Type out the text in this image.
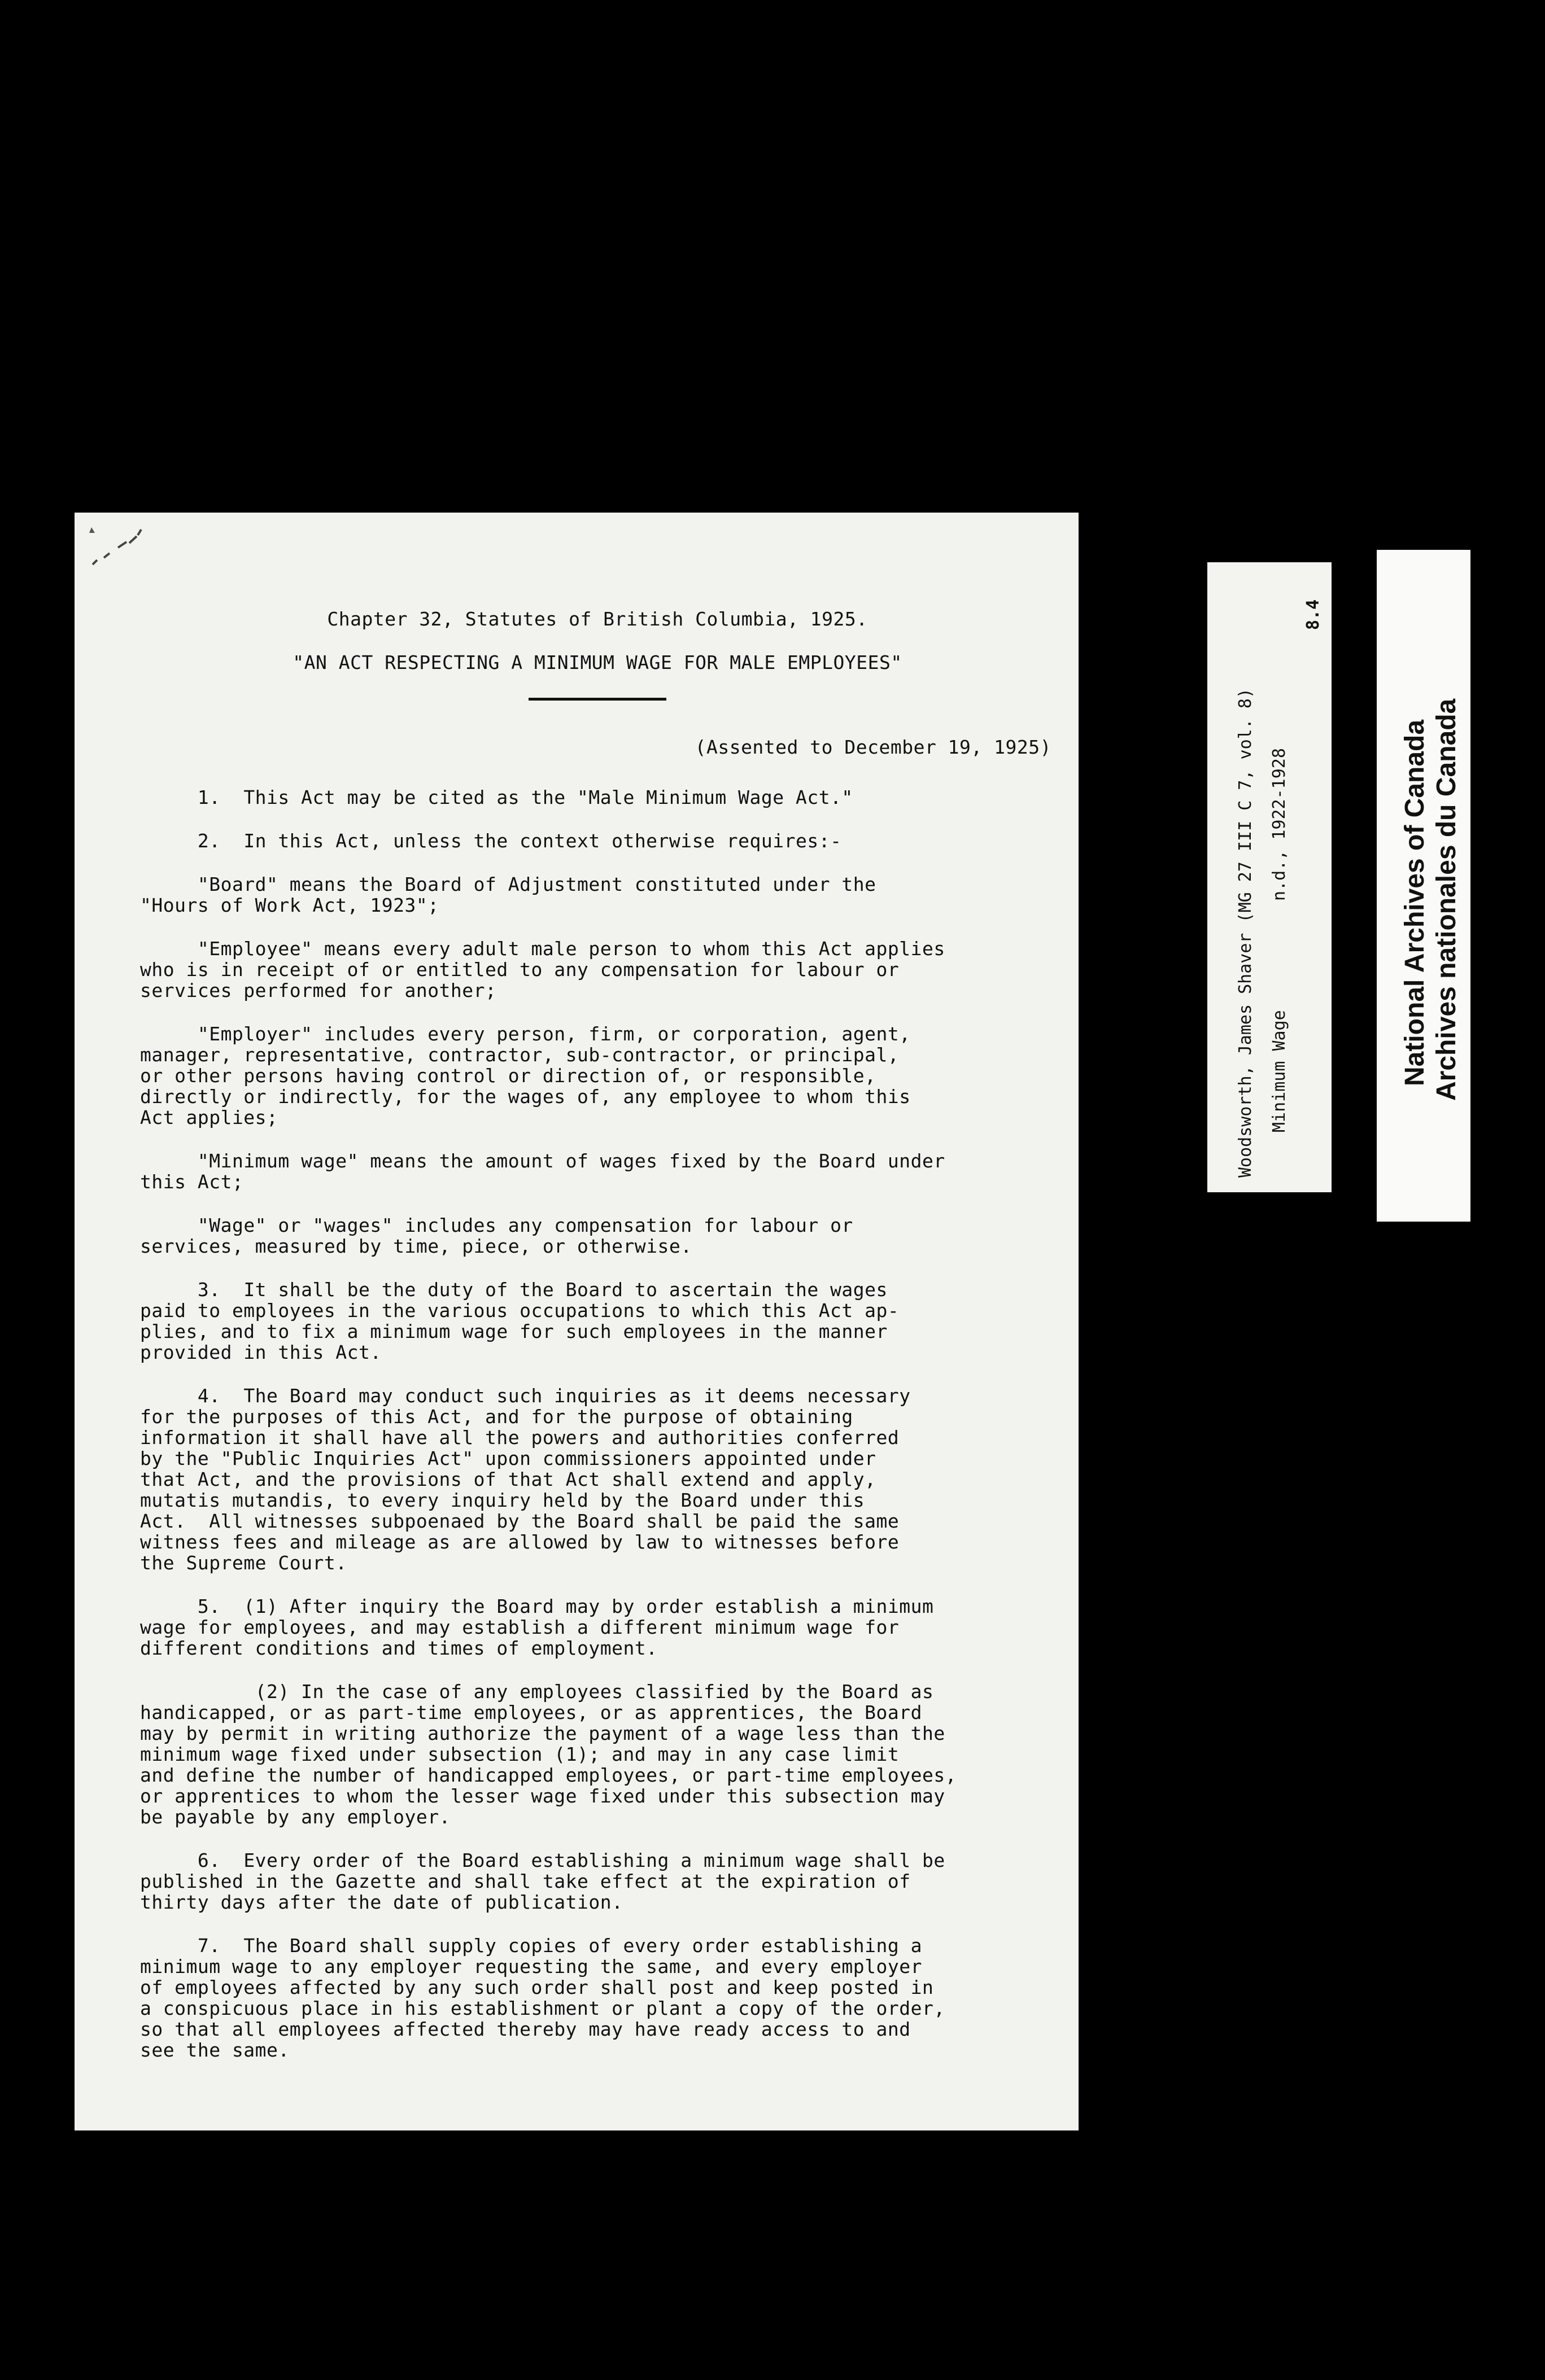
Chapter 32, Statutes of British Columbia, 1925.

"AN ACT RESPECTING A MINIMUM WAGE FOR MALE EMPLOYEES"

(Assented to December 19, 1925)

1.  This Act may be cited as the "Male Minimum Wage Act."

2.  In this Act, unless the context otherwise requires:-

"Board" means the Board of Adjustment constituted under the
"Hours of Work Act, 1923";

"Employee" means every adult male person to whom this Act applies
who is in receipt of or entitled to any compensation for labour or
services performed for another;

"Employer" includes every person, firm, or corporation, agent,
manager, representative, contractor, sub-contractor, or principal,
or other persons having control or direction of, or responsible,
directly or indirectly, for the wages of, any employee to whom this
Act applies;

"Minimum wage" means the amount of wages fixed by the Board under
this Act;

"Wage" or "wages" includes any compensation for labour or
services, measured by time, piece, or otherwise.

3.  It shall be the duty of the Board to ascertain the wages
paid to employees in the various occupations to which this Act ap-
plies, and to fix a minimum wage for such employees in the manner
provided in this Act.

4.  The Board may conduct such inquiries as it deems necessary
for the purposes of this Act, and for the purpose of obtaining
information it shall have all the powers and authorities conferred
by the "Public Inquiries Act" upon commissioners appointed under
that Act, and the provisions of that Act shall extend and apply,
mutatis mutandis, to every inquiry held by the Board under this
Act.  All witnesses subpoenaed by the Board shall be paid the same
witness fees and mileage as are allowed by law to witnesses before
the Supreme Court.

5.  (1) After inquiry the Board may by order establish a minimum
wage for employees, and may establish a different minimum wage for
different conditions and times of employment.

(2) In the case of any employees classified by the Board as
handicapped, or as part-time employees, or as apprentices, the Board
may by permit in writing authorize the payment of a wage less than the
minimum wage fixed under subsection (1); and may in any case limit
and define the number of handicapped employees, or part-time employees,
or apprentices to whom the lesser wage fixed under this subsection may
be payable by any employer.

6.  Every order of the Board establishing a minimum wage shall be
published in the Gazette and shall take effect at the expiration of
thirty days after the date of publication.

7.  The Board shall supply copies of every order establishing a
minimum wage to any employer requesting the same, and every employer
of employees affected by any such order shall post and keep posted in
a conspicuous place in his establishment or plant a copy of the order,
so that all employees affected thereby may have ready access to and
see the same.

Woodsworth, James Shaver (MG 27 III C 7, vol. 8) Minimum Wage
n.d., 1922-1928
8.4
National Archives of Canada Archives nationales du Canada
